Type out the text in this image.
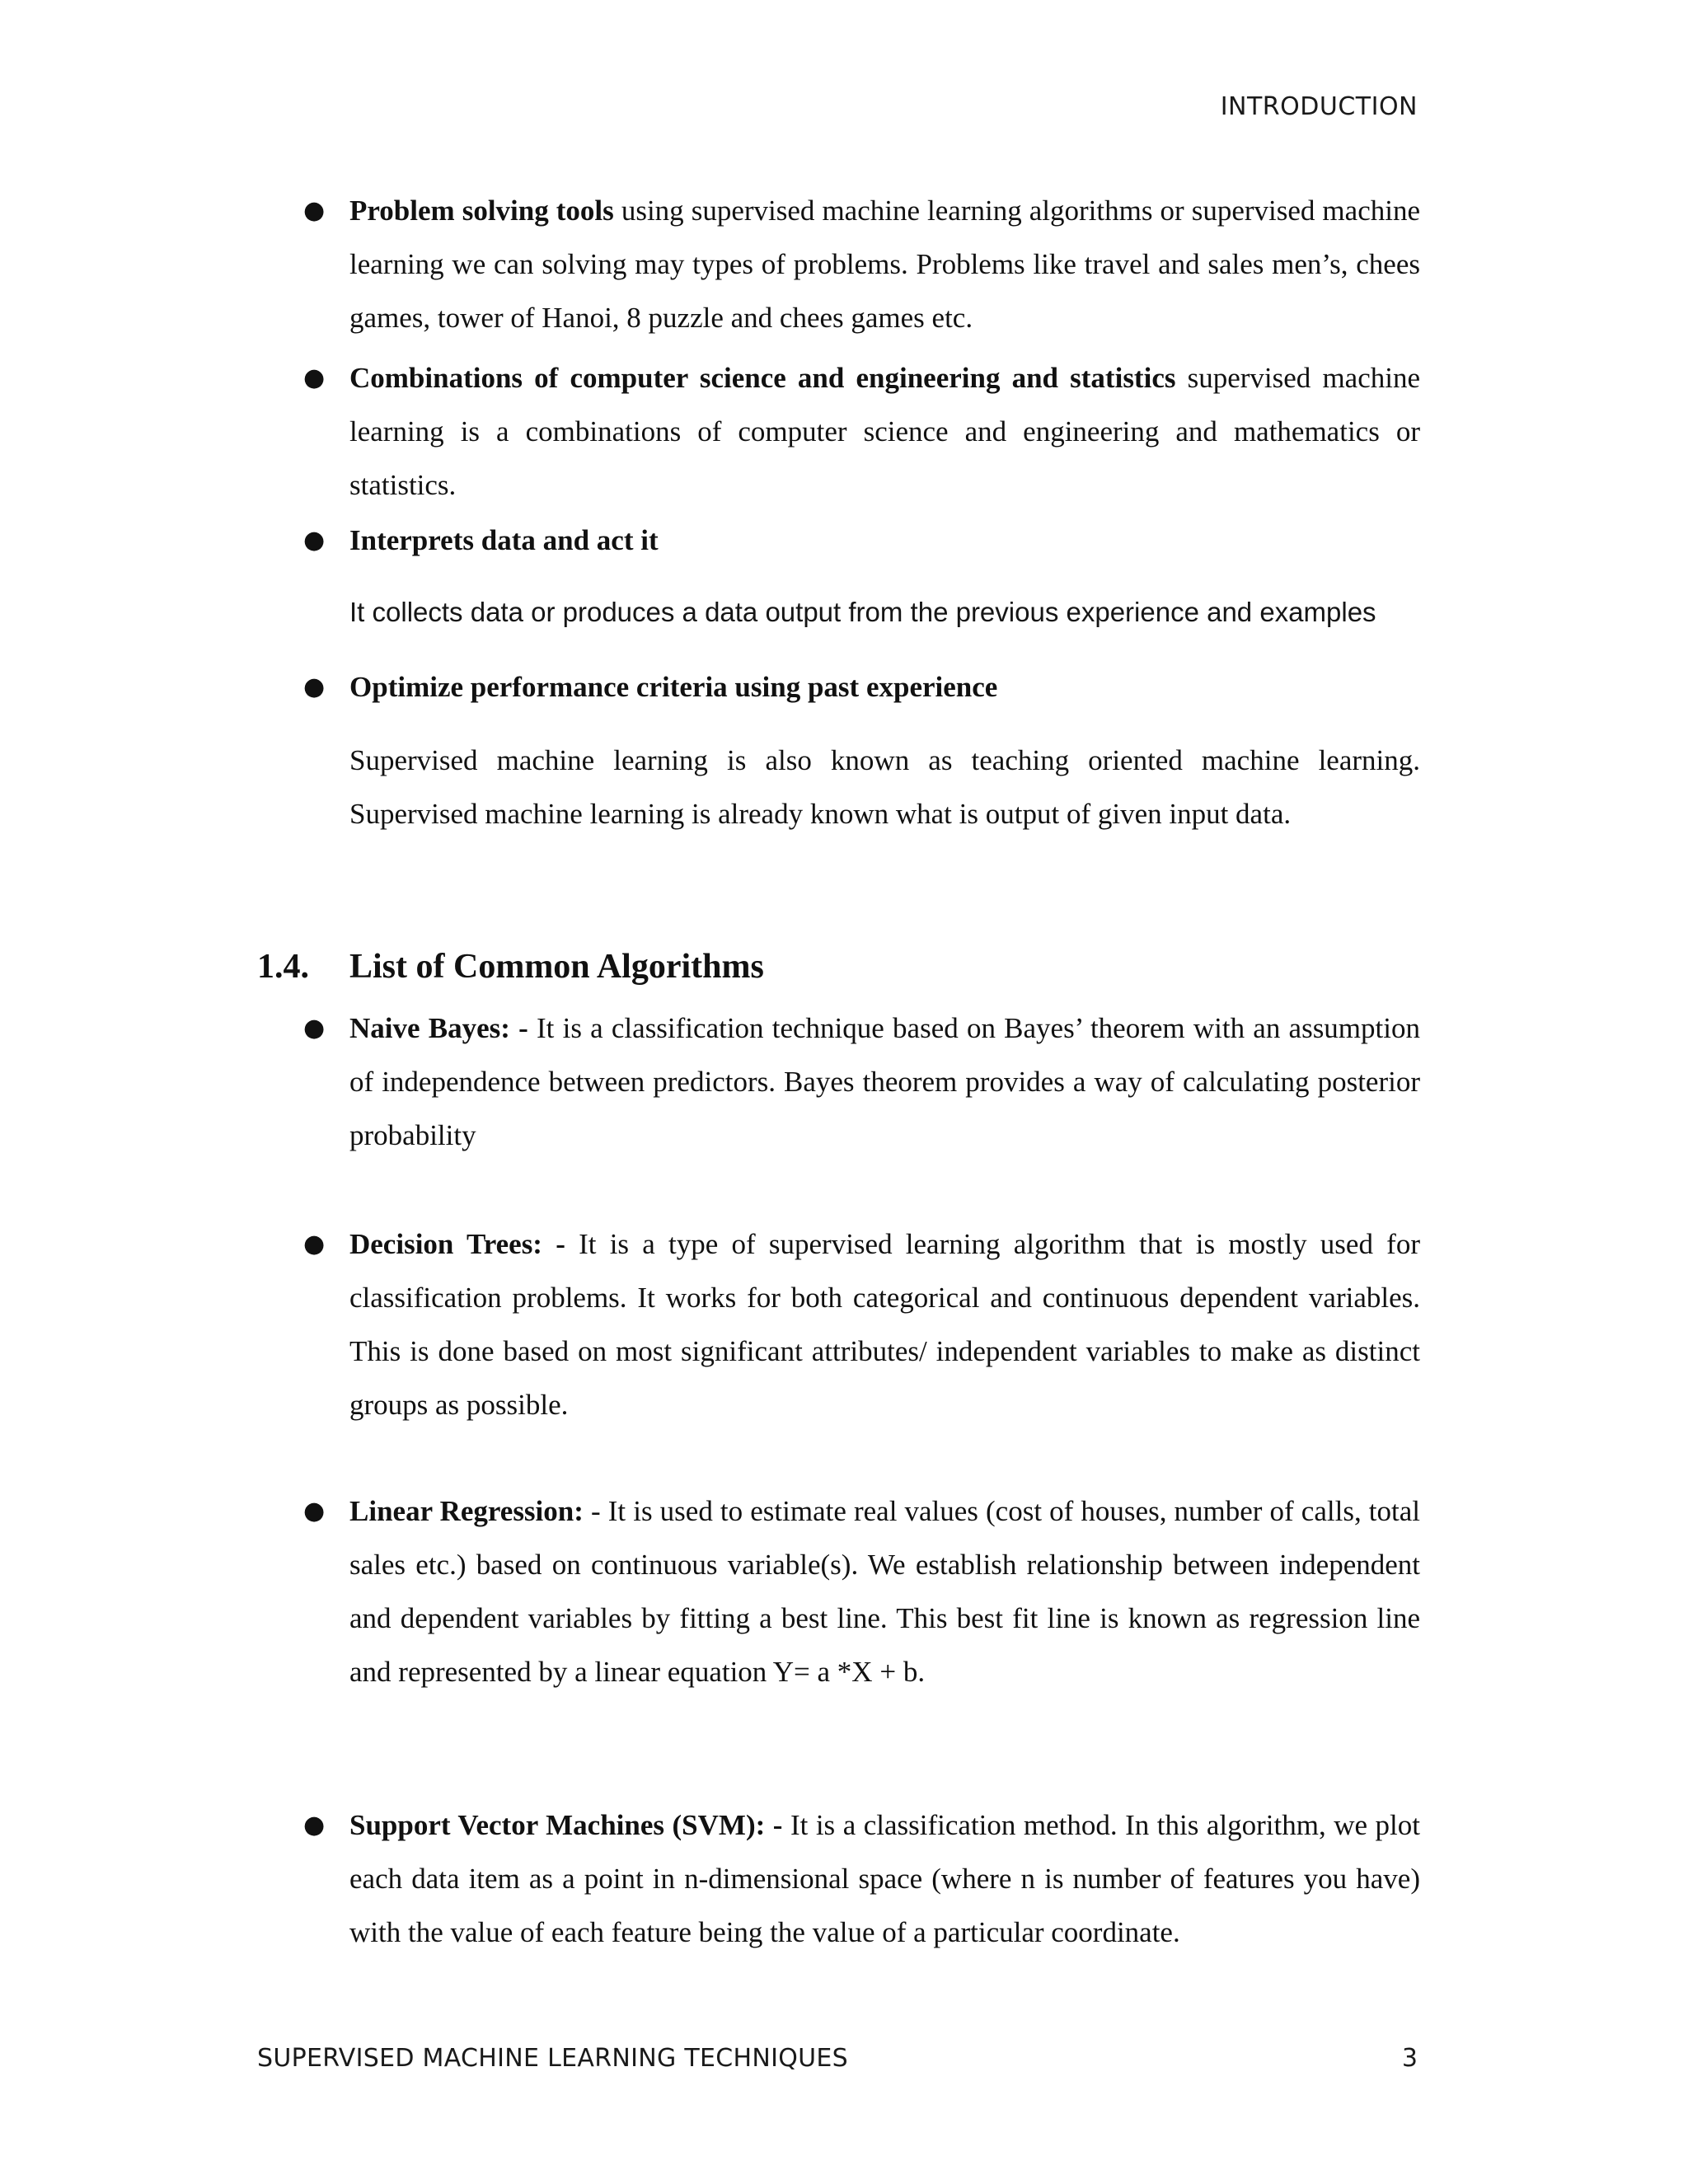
INTRODUCTION
● Problem solving tools using supervised machine learning algorithms or supervised machine learning we can solving may types of problems. Problems like travel and sales men’s, chees games, tower of Hanoi, 8 puzzle and chees games etc.

● Combinations of computer science and engineering and statistics supervised machine learning is a combinations of computer science and engineering and mathematics or statistics.

● Interprets data and act it

It collects data or produces a data output from the previous experience and examples
● Optimize performance criteria using past experience

Supervised machine learning is also known as teaching oriented machine learning. Supervised machine learning is already known what is output of given input data.

1.4. List of Common Algorithms
● Naive Bayes: - It is a classification technique based on Bayes’ theorem with an assumption of independence between predictors. Bayes theorem provides a way of calculating posterior probability

● Decision Trees: - It is a type of supervised learning algorithm that is mostly used for classification problems. It works for both categorical and continuous dependent variables. This is done based on most significant attributes/ independent variables to make as distinct groups as possible.

● Linear Regression: - It is used to estimate real values (cost of houses, number of calls, total sales etc.) based on continuous variable(s). We establish relationship between independent and dependent variables by fitting a best line. This best fit line is known as regression line and represented by a linear equation Y= a *X + b.

● Support Vector Machines (SVM): - It is a classification method. In this algorithm, we plot each data item as a point in n-dimensional space (where n is number of features you have) with the value of each feature being the value of a particular coordinate.

SUPERVISED MACHINE LEARNING TECHNIQUES	3
